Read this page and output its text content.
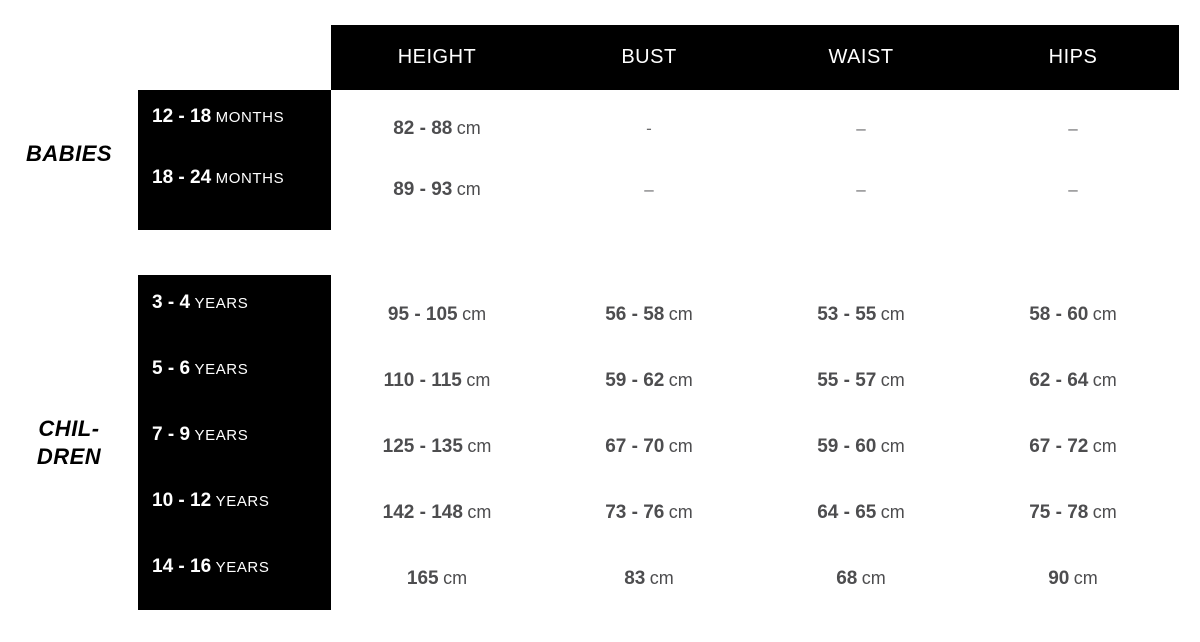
HEIGHT	BUST	WAIST	HIPS
BABIES
12 - 18 MONTHS
82 - 88 cm	-	–	–
18 - 24 MONTHS
89 - 93 cm	–	–	–
CHIL-
DREN
3 - 4 YEARS
95 - 105 cm	56 - 58 cm	53 - 55 cm	58 - 60 cm
5 - 6 YEARS
110 - 115 cm	59 - 62 cm	55 - 57 cm	62 - 64 cm
7 - 9 YEARS
125 - 135 cm	67 - 70 cm	59 - 60 cm	67 - 72 cm
10 - 12 YEARS
142 - 148 cm	73 - 76 cm	64 - 65 cm	75 - 78 cm
14 - 16 YEARS
165 cm	83 cm	68 cm	90 cm
